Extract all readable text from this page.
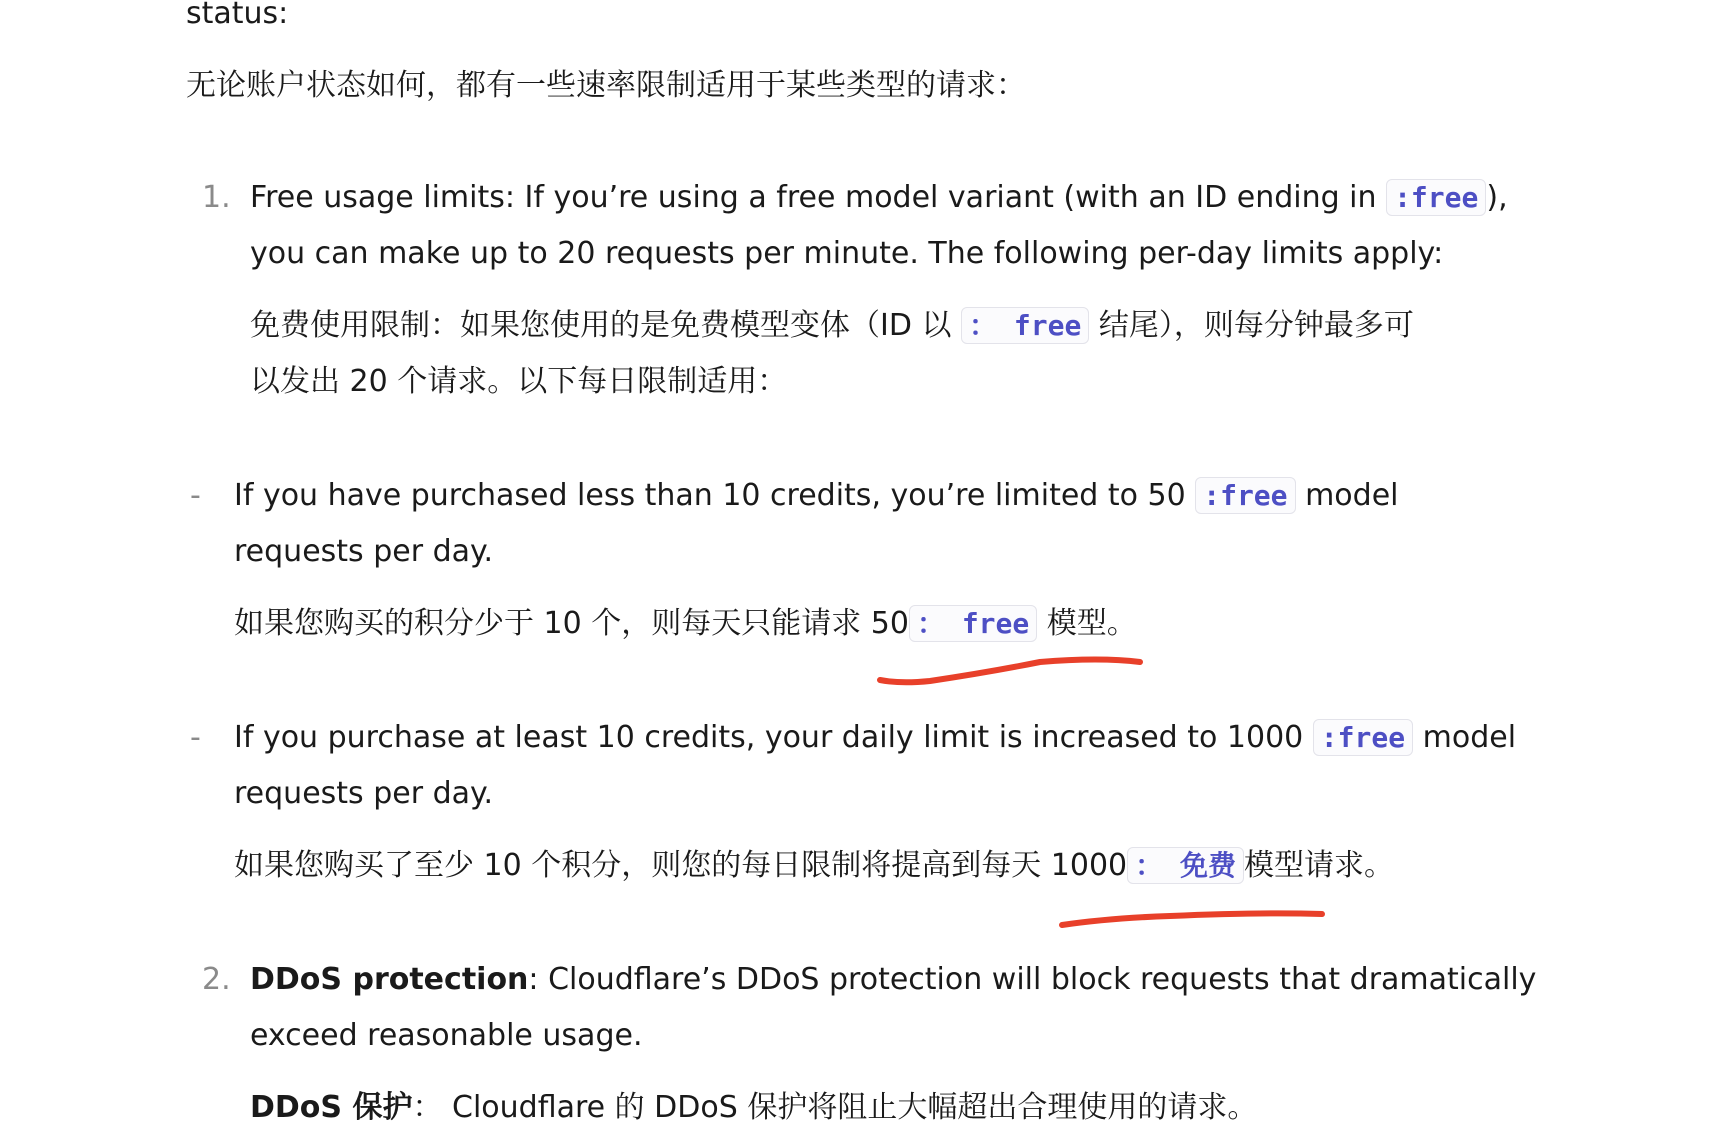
status:
无论账户状态如何，都有一些速率限制适用于某些类型的请求：
1. Free usage limits: If you’re using a free model variant (with an ID ending in :free ),
you can make up to 20 requests per minute. The following per-day limits apply:
免费使用限制：如果您使用的是免费模型变体（ID 以 ： free 结尾），则每分钟最多可
以发出 20 个请求。以下每日限制适用：
- If you have purchased less than 10 credits, you’re limited to 50 :free model
requests per day.
如果您购买的积分少于 10 个，则每天只能请求 50 ： free 模型。
- If you purchase at least 10 credits, your daily limit is increased to 1000 :free model
requests per day.
如果您购买了至少 10 个积分，则您的每日限制将提高到每天 1000 ： 免费 模型请求。
2. DDoS protection: Cloudflare’s DDoS protection will block requests that dramatically
exceed reasonable usage.
DDoS 保护： Cloudflare 的 DDoS 保护将阻止大幅超出合理使用的请求。
